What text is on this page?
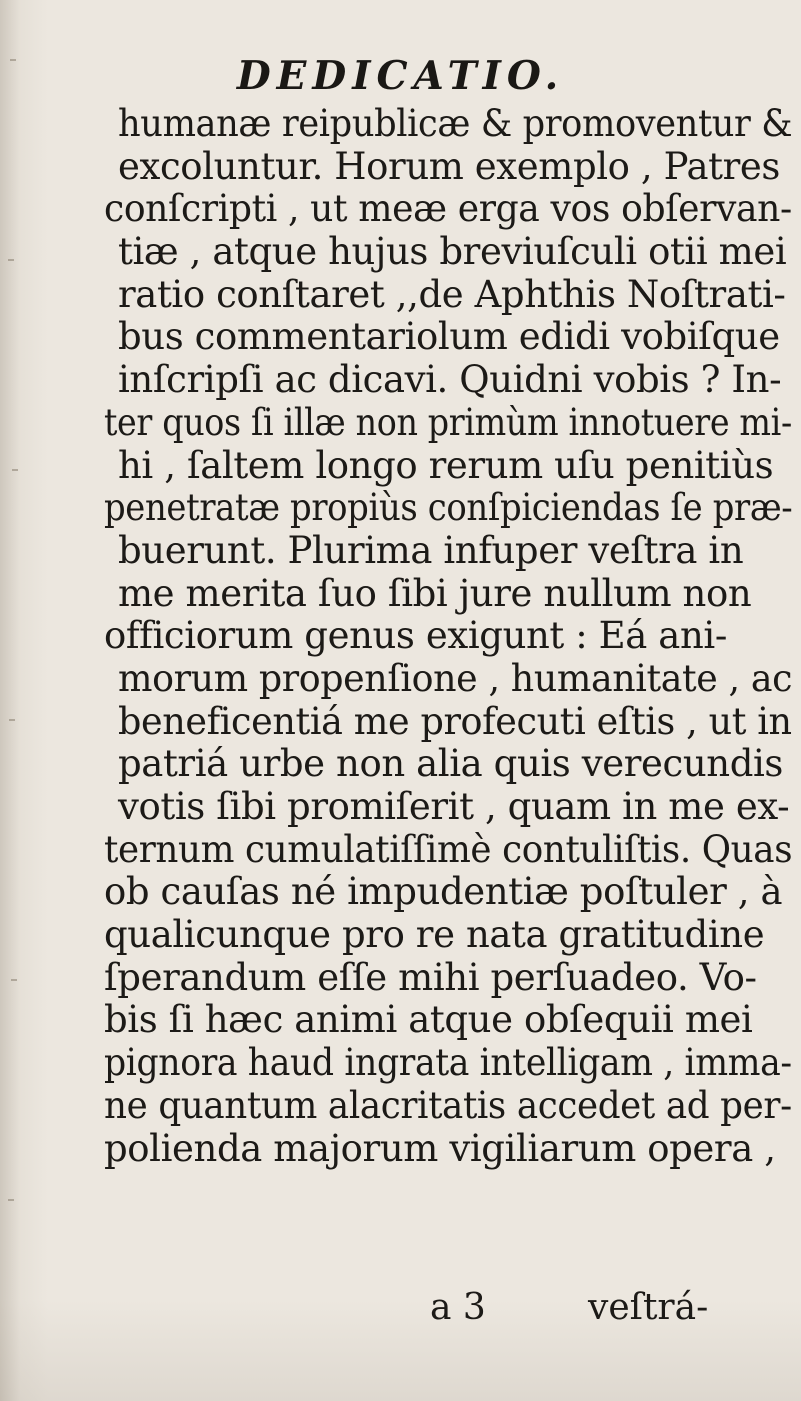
DEDICATIO.
humanæ reipublicæ & promoventur &
excoluntur. Horum exemplo , Patres
conſcripti , ut meæ erga vos obſervan-
tiæ , atque hujus breviuſculi otii mei
ratio conſtaret ,,de Aphthis Noſtrati-
bus commentariolum edidi vobiſque
inſcripſi ac dicavi. Quidni vobis ? In-
ter quos ſi illæ non primùm innotuere mi-
hi , ſaltem longo rerum uſu penitiùs
penetratæ propiùs conſpiciendas ſe præ-
buerunt. Plurima infuper veſtra in
me merita ſuo ſibi jure nullum non
officiorum genus exigunt : Eá ani-
morum propenſione , humanitate , ac
beneficentiá me profecuti eſtis , ut in
patriá urbe non alia quis verecundis
votis ſibi promiſerit , quam in me ex-
ternum cumulatiſſimè contuliſtis. Quas
ob cauſas né impudentiæ poſtuler , à
qualicunque pro re nata gratitudine
ſperandum eſſe mihi perſuadeo. Vo-
bis ſi hæc animi atque obſequii mei
pignora haud ingrata intelligam , imma-
ne quantum alacritatis accedet ad per-
polienda majorum vigiliarum opera ,
a 3	veſtrá-
